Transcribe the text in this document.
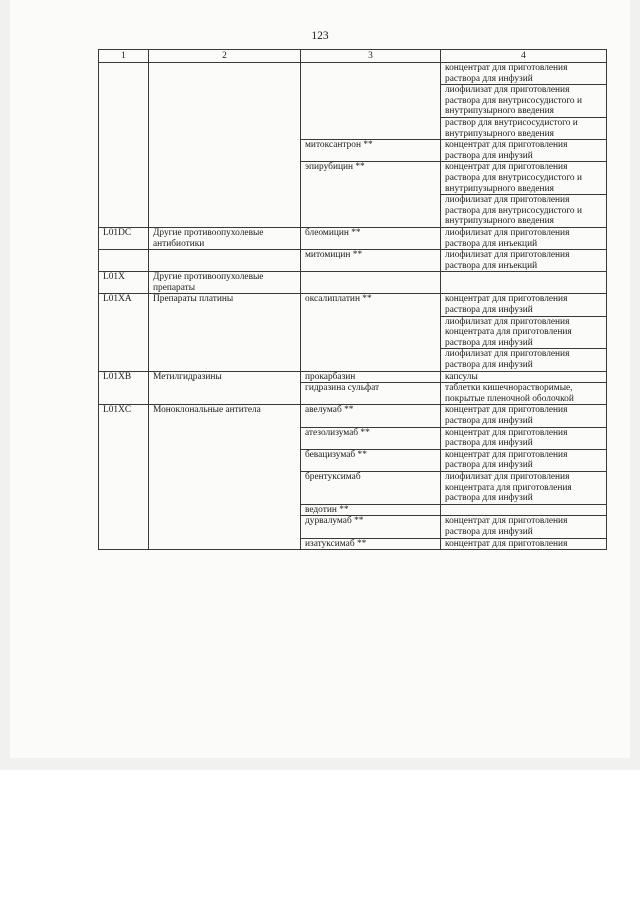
123
1	2	3	4

			концентрат для приготовления раствора для инфузий
лиофилизат для приготовления раствора для внутрисосудистого и внутрипузырного введения
раствор для внутрисосудистого и внутрипузырного введения

		митоксантрон **	концентрат для приготовления раствора для инфузий

		эпирубицин **	концентрат для приготовления раствора для внутрисосудистого и внутрипузырного введения
лиофилизат для приготовления раствора для внутрисосудистого и внутрипузырного введения

L01DC	Другие противоопухолевые антибиотики	блеомицин **	лиофилизат для приготовления раствора для инъекций

		митомицин **	лиофилизат для приготовления раствора для инъекций

L01X	Другие противоопухолевые препараты		

L01XA	Препараты платины	оксалиплатин **	концентрат для приготовления раствора для инфузий
лиофилизат для приготовления концентрата для приготовления раствора для инфузий
лиофилизат для приготовления раствора для инфузий

L01XB	Метилгидразины	прокарбазин	капсулы

		гидразина сульфат	таблетки кишечнорастворимые, покрытые пленочной оболочкой

L01XC	Моноклональные антитела	авелумаб **	концентрат для приготовления раствора для инфузий

		атезолизумаб **	концентрат для приготовления раствора для инфузий

		бевацизумаб **	концентрат для приготовления раствора для инфузий

		брентуксимаб	лиофилизат для приготовления концентрата для приготовления раствора для инфузий

		ведотин **	
		дурвалумаб **	концентрат для приготовления раствора для инфузий

		изатуксимаб **	концентрат для приготовления
